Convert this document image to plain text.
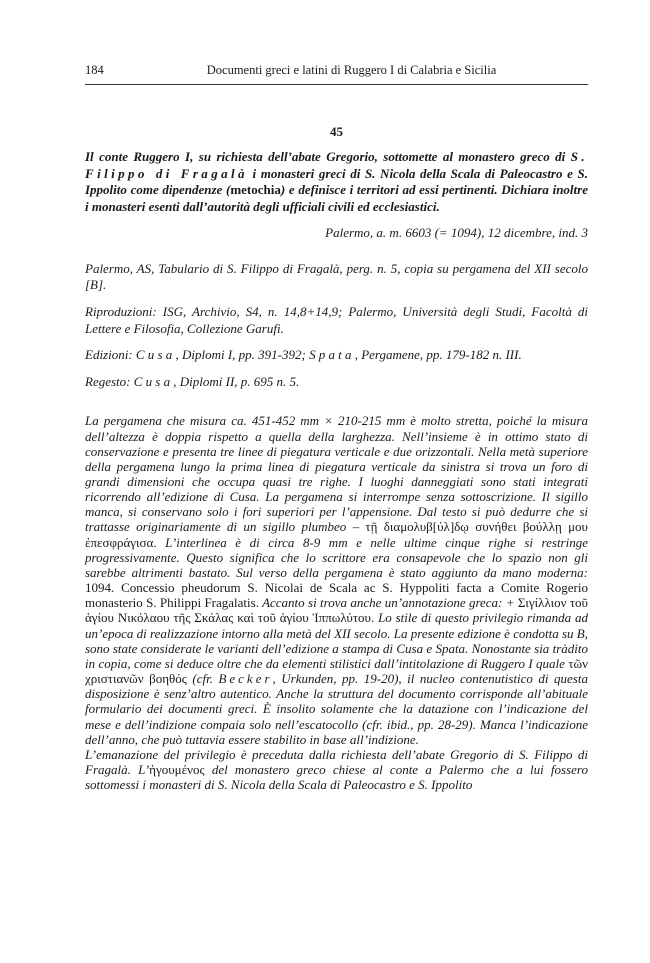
184	Documenti greci e latini di Ruggero I di Calabria e Sicilia
45
Il conte Ruggero I, su richiesta dell’abate Gregorio, sottomette al monastero greco di S. Filippo di Fragalà i monasteri greci di S. Nicola della Scala di Paleocastro e S. Ippolito come dipendenze (metochia) e definisce i territori ad essi pertinenti. Dichiara inoltre i monasteri esenti dall’autorità degli ufficiali civili ed ecclesiastici.
Palermo, a. m. 6603 (= 1094), 12 dicembre, ind. 3

Palermo, AS, Tabulario di S. Filippo di Fragalà, perg. n. 5, copia su pergamena del XII secolo [B].

Riproduzioni: ISG, Archivio, S4, n. 14,8+14,9; Palermo, Università degli Studi, Facoltà di Lettere e Filosofia, Collezione Garufi.

Edizioni: Cusa, Diplomi I, pp. 391-392; Spata, Pergamene, pp. 179-182 n. III.

Regesto: Cusa, Diplomi II, p. 695 n. 5.

La pergamena che misura ca. 451-452 mm × 210-215 mm è molto stretta, poiché la misura dell’altezza è doppia rispetto a quella della larghezza. Nell’insieme è in ottimo stato di conservazione e presenta tre linee di piegatura verticale e due orizzontali. Nella metà superiore della pergamena lungo la prima linea di piegatura verticale da sinistra si trova un foro di grandi dimensioni che occupa quasi tre righe. I luoghi danneggiati sono stati integrati ricorrendo all’edizione di Cusa. La pergamena si interrompe senza sottoscrizione. Il sigillo manca, si conservano solo i fori superiori per l’appensione. Dal testo si può dedurre che si trattasse originariamente di un sigillo plumbeo – τῇ διαμολυβ[ύλ]δῳ συνήθει βούλλῃ μου ἐπεσφράγισα. L’interlinea è di circa 8-9 mm e nelle ultime cinque righe si restringe progressivamente. Questo significa che lo scrittore era consapevole che lo spazio non gli sarebbe altrimenti bastato. Sul verso della pergamena è stato aggiunto da mano moderna: 1094. Concessio pheudorum S. Nicolai de Scala ac S. Hyppoliti facta a Comite Rogerio monasterio S. Philippi Fragalatis. Accanto si trova anche un’annotazione greca: + Σιγίλλιον τοῦ ἁγίου Νικόλαου τῆς Σκάλας καὶ τοῦ ἁγίου Ἱππωλύτου. Lo stile di questo privilegio rimanda ad un’epoca di realizzazione intorno alla metà del XII secolo. La presente edizione è condotta su B, sono state considerate le varianti dell’edizione a stampa di Cusa e Spata. Nonostante sia tràdito in copia, come si deduce oltre che da elementi stilistici dall’intitolazione di Ruggero I quale τῶν χριστιανῶν βοηθός (cfr. Becker, Urkunden, pp. 19-20), il nucleo contenutistico di questa disposizione è senz’altro autentico. Anche la struttura del documento corrisponde all’abituale formulario dei documenti greci. È insolito solamente che la datazione con l’indicazione del mese e dell’indizione compaia solo nell’escatocollo (cfr. ibid., pp. 28-29). Manca l’indicazione dell’anno, che può tuttavia essere stabilito in base all’indizione.

L’emanazione del privilegio è preceduta dalla richiesta dell’abate Gregorio di S. Filippo di Fragalà. L’ἡγουμένος del monastero greco chiese al conte a Palermo che a lui fossero sottomessi i monasteri di S. Nicola della Scala di Paleocastro e S. Ippolito
